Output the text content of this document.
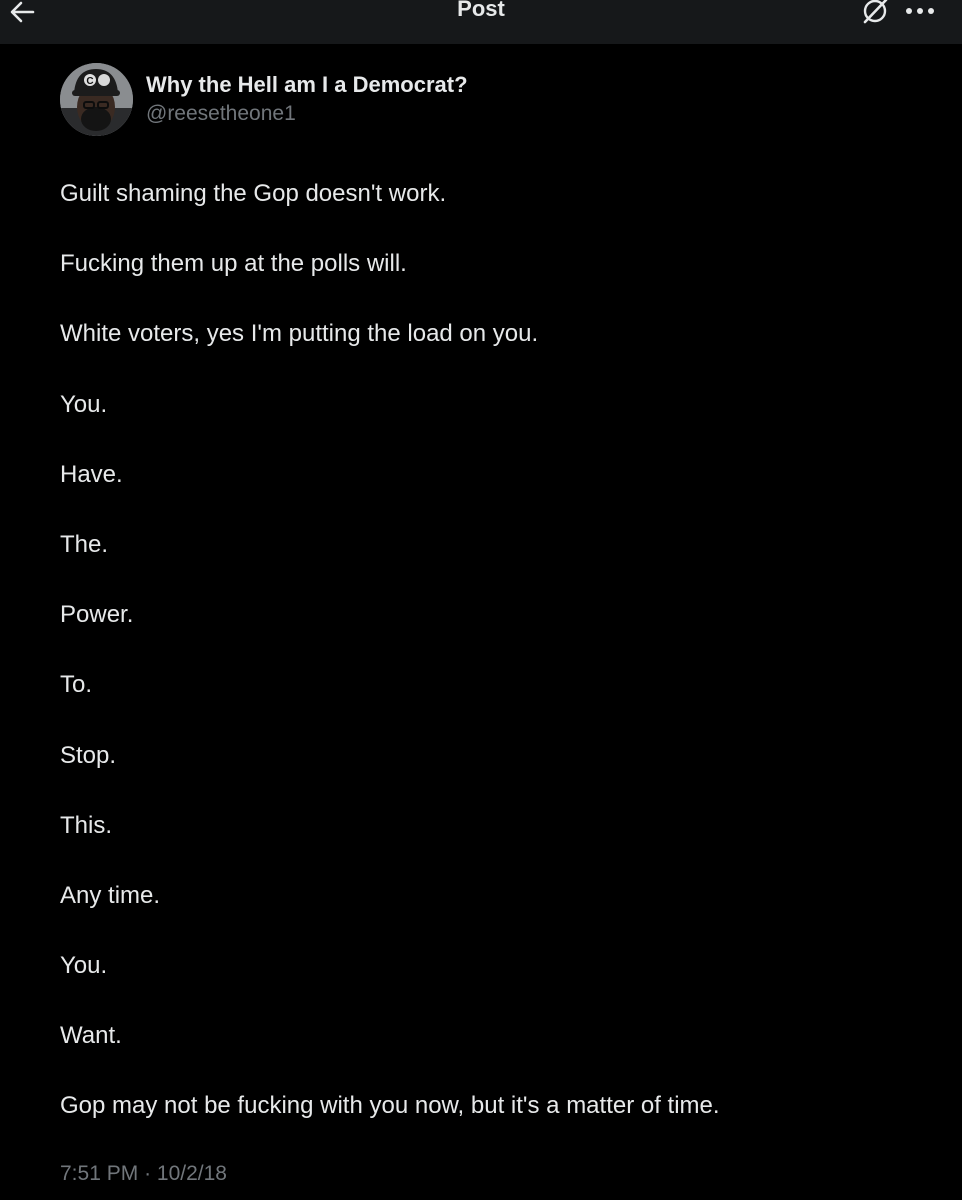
Post
C Why the Hell am I a Democrat?
@reesetheone1
Guilt shaming the Gop doesn't work.
Fucking them up at the polls will.
White voters, yes I'm putting the load on you.
You.
Have.
The.
Power.
To.
Stop.
This.
Any time.
You.
Want.
Gop may not be fucking with you now, but it's a matter of time.
7:51 PM · 10/2/18
